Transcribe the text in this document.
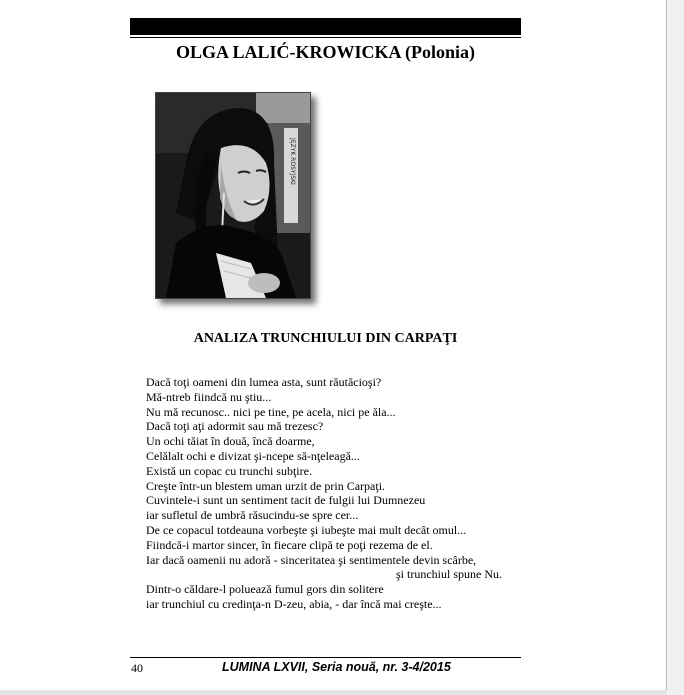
OLGA LALIĆ-KROWICKA (Polonia)
JĘZYK ROSYJSKI
ANALIZA TRUNCHIULUI DIN CARPAŢI
Dacă toţi oameni din lumea asta, sunt răutăcioşi?
Mă-ntreb fiindcă nu ştiu...
Nu mă recunosc.. nici pe tine, pe acela, nici pe ăla...
Dacă toţi aţi adormit sau mă trezesc?
Un ochi tăiat în două, încă doarme,
Celălalt ochi e divizat şi-ncepe să-nţeleagă...
Există un copac cu trunchi subţire.
Creşte într-un blestem uman urzit de prin Carpaţi.
Cuvintele-i sunt un sentiment tacit de fulgii lui Dumnezeu
iar sufletul de umbră răsucindu-se spre cer...
De ce copacul totdeauna vorbeşte şi iubeşte mai mult decât omul...
Fiindcă-i martor sincer, în fiecare clipă te poţi rezema de el.
Iar dacă oamenii nu adoră - sinceritatea şi sentimentele devin scârbe,
şi trunchiul spune Nu.
Dintr-o căldare-l poluează fumul gors din solitere
iar trunchiul cu credinţa-n D-zeu, abia, - dar încă mai creşte...
40	LUMINA LXVII, Seria nouă, nr. 3-4/2015
